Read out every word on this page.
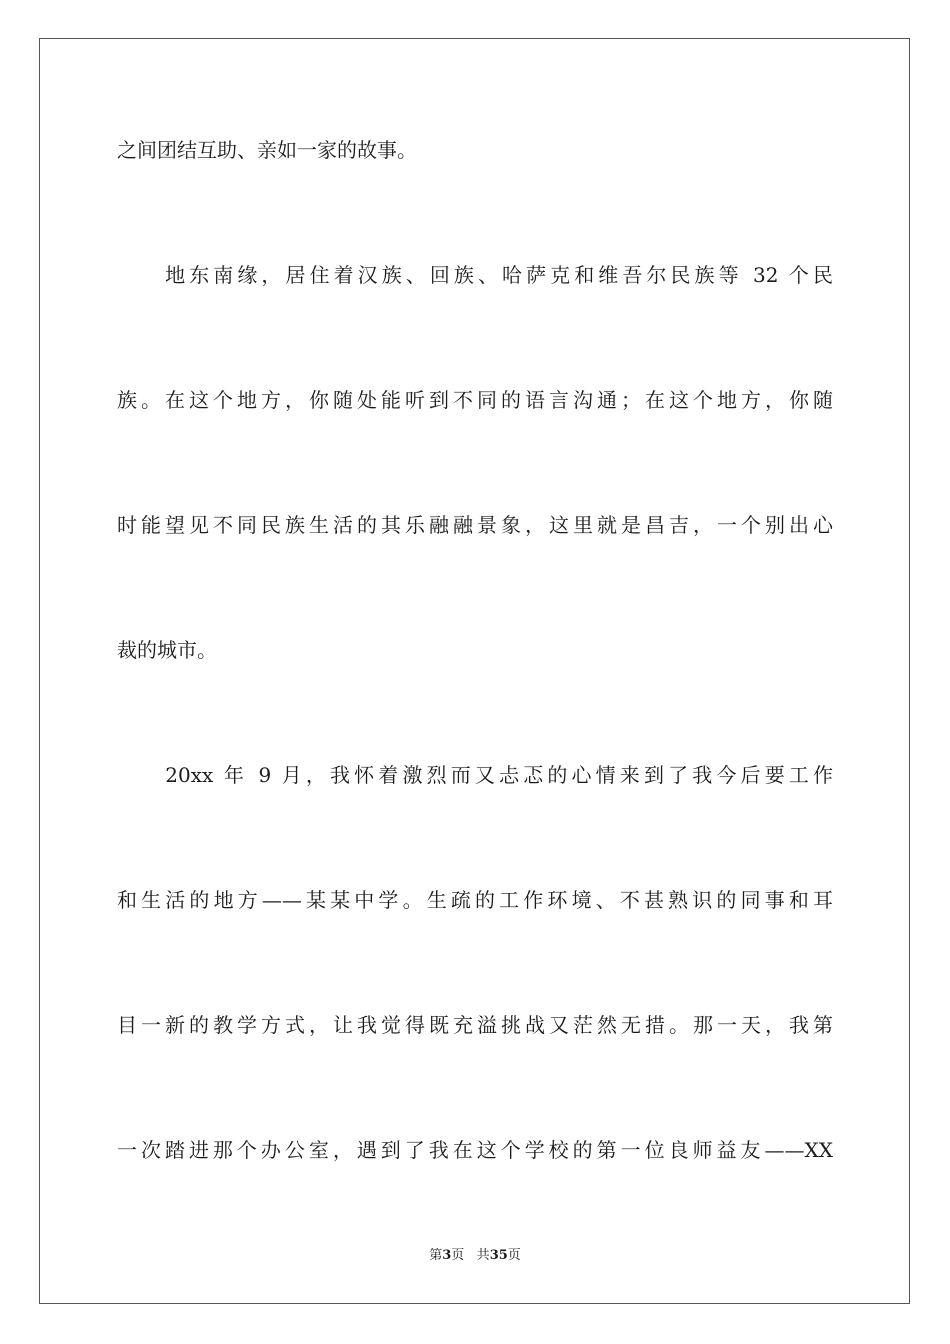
之间团结互助、亲如一家的故事。
　　地东南缘，居住着汉族、回族、哈萨克和维吾尔民族等 32 个民
族。在这个地方，你随处能听到不同的语言沟通；在这个地方，你随
时能望见不同民族生活的其乐融融景象，这里就是昌吉，一个别出心
裁的城市。
　　20xx 年 9 月，我怀着激烈而又忐忑的心情来到了我今后要工作
和生活的地方——某某中学。生疏的工作环境、不甚熟识的同事和耳
目一新的教学方式，让我觉得既充溢挑战又茫然无措。那一天，我第
一次踏进那个办公室，遇到了我在这个学校的第一位良师益友——XX
第3页 共35页
